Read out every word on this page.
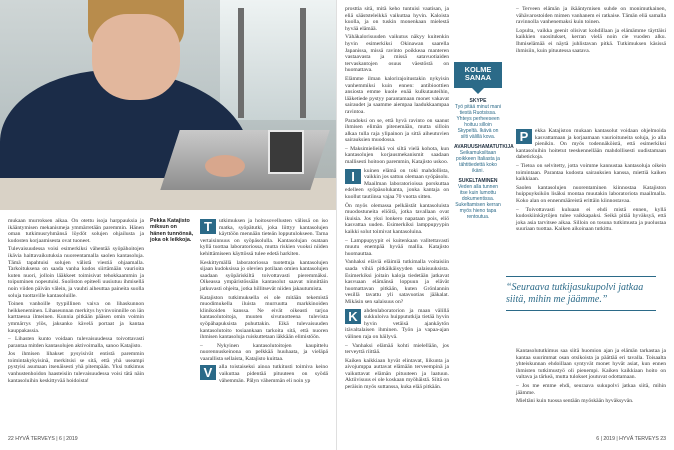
mukaan murroksen aikaa. On otettu isoja harppauksia ja ikääntymisen mekanismeja ymmärretään paremmin. Hänen oman tutkimusryhmänsä löydöt solujen ohjailusta ja kudosten korjaamisesta ovat tuoneet.

Tulevaisuudessa voisi esimerkiksi vähentää syöpähoitojen ikävia haittavaikutuksia nuoreentamalla saolen kantasoluja. Tämä tapahtuisi solujen välistä viestiä ohjaamalla. Tarkoituksena on saada vanha kudos siirtämään vaurioita kuten nuori, jolloin lääkkeet toimisivat tehokkaammin ja toipuminen nopeutuisi. Suoliston epiteeli uusiutuu ihmisellä noin viiden päivän välein, ja vauhti aiheuttaa paineita suolla soluja tuottaville kantasoluille.

Toinen vanhoille tyypillinen vaiva on lihaskunnon heikkeneminen. Lihaseunnan merkitys hyvinvoinnille on iän karttaessa ilmeinen. Kunnia pitkään pääsen omin voimin ymmärrys ylös, jaksanko kävelä portaat ja kantaa kauppakassia.

– Lihasten kunto voidaan tulevaisuudessa toivottavasti parantaa mitden kantasolujen aktivoimalla, sanoo Katajisto.

Jos ihmisen lihakset pysyisivät entistä paremmin toimintakykyisinä, merkitsisi se sitä, että yhä useampi pystyisi asumaan itsenäisesti yhä pitempään. Yksi tutkimus vanhustenhoidon haasteisiin tulevaisuudessa voisi tätä näin kantasoluihin keskittyvää hoidoista!

Pekka Katajisto miksun on hänen tunnönsä, joka ok leikkoja.

T	utkimuksen ja hoitosovellusten välissä on iso matka, syöpätutki, joka liittyy kantasolujen käyttöön mennään tieteän lopputulokseen. Tarna vertaisinnuus on syöpäsolulla. Kantasolujan osataan kyllä tuottaa laboratoriossa, mutta riskien vuoksi niiden kehittämiseen käyttössä tulee edetä harkiten.

Keskittymällä laboratoriossa tuotettuja kantasolujen sijaan kudoksissa jo olevien potilaan omien kantasolujen saadaan syöpäriskiltä toivottavasti pieremmäksi. Oikeassa ympäristössään kantasolut saavat ninnittäin jatkuvasti ohjeita, jotka hillitsevät niiden jakautumista.

Katajiston tutkimuksella ei ole mitään tekemistä muodimukella iluista murruutta markkinoiden klinikoiden kanssa. Ne eivät oikeasti tarjoa kantasolutoitoja, muuten sivutuotteena tulevista syöpähapuksista puhuttakin. Eikä tulevaisuuden kantasolutoito tosiaankaan tarkoita sitä, että nuoren ihmisen kantasoluja ruiskuttetaan iäkkään elimistöön.

– Nykyinen kantasolutoitojen kaupittelu nuorennuskeinona on pelkkää huuhaata, ja vieläpä vaarallista sellaista, Katajisto kuittaa.

V	alla toistaiseksi ainoa tutkitusti toimiva keino vaikuttaa pidentää pituuteen on syödä vähemmän. Pälyn vähemmän eli noin yp

22 HYVÄ TERVEYS | 6 | 2019

prosttia sitä, mitä keho tuntuisi vaatisan, ja eliä sääststeleikkä vaikuttaa hyvin. Kaloista kuolla, ja on tuskin monenkaan mielestä hyvää elämää.

Vähäkalorisuuden vaikutus näkyy kuitenkin hyvin esimerkiksi Okinawan saarella Japanissa, missä ravinto poikkeaa manteren vastaavasta ja missä satavuotiaiden tervaskantojen osuus väestöstä on huomattava.

Elämme ilman kalorirajoitustakin nykyisin vanhemmiksi kuin ennen: antibioottien ansiosta emme kuole enää kulkutauteihin, lääketiede pystyy parantamaan monet vakavat sairaudet ja saamme aiempaa laadukkaampaa ravintoa.

Paradoksi on se, että hyvä ravinto on saanut ihmisen elimän pitenemään, mutta silloin alkaa tulla raja ylipainon ja sittä aiheutuvien sairauksien muodossa.

– Maksimielieikä voi siltä vielä kohota, kun kantasolujen korjausmekanismit saadaan mallisesti hoitoon paremmin, Katajisto uskoo.

I	kuinen elämä on toki mahdollista, vaikkin jos sattuu olemaan syöpäsolu. Maailman laboratorioissa porskuttaa edelleen syöpäsolukanta, jonka kantaja on kuollut tautiinsa vajaa 70 vuotta sitten.

Ön myös olemassa pelkäistät kantasoluista muodostuneita eliöitä, jotka tavallaan ovat ikuisia. Jos yksi lonkero napataan pois, eliö kasvattaa uuden. Esimerkiksi lamppupyypin kaikki solut toimivat kantasoluina.

– Lamppupyypit ei kuitenkaan valitettavasti muutu enempää hyvää mallia. Katajisto huomauttaa.

Vanhaksi eläviä eläimiä tutkimalla voitaisiin saada vihiä pitkäikäisyyden salaisuuksista. Esimerkiksi joitain kaloja tiedetään jatkavat kasvuaan elämänsä loppuun ja elävät huomattavan pitkään, kuten Grönlannin vesillä tavattu yli satavuotias jääkalat. Mikäsin sen salaisuus on?

K	ahdenlaboratorion ja maan välillä sukkuloiva huippututkija tietää hyvin hyvin vetäisä ajankäytön itävaltalaisen ihminen. Työn ja vapaa-ajan välinen raja on häilyvä.

– Vanhaksi elämää kohti mielellään, jos terveyttä riittää.

Kaiken kaikkiaan hyvät elintavat, liikunta ja aivojumppa auttavat elämään terveempinä ja vaikuttavat elämän pituuteen ja laatuun. Aktiivisuus ei ole koskaan myöhäistä. Siitä on peräisin myös suttanssa, kuka elää pitkään.

KOLME SANAA
SKYPE
Työ pitää minut mani tiestä Ruotsissa. Yhteys perheeseen hoituu silloin Skypeltä. Ikävä on silti välillä kova.
AVARUUSHAMATUTKIJA
Seikamuksiltaan poikkeen Italiasta ja tähtitiedettä koko ikäni.
SUKELTAMINEN
Veden alla tunnen itse kuin lumottu dokumentissa. Sukeltamisen kerran myös hieno tapa rentoutua.

– Terveen elämän ja ikääntymisen suhde on monimutkainen, vähävarostoiden mimen vanhanem ei ratkaise. Tämän eliä samalla ravinnolla vanhenemaksi kuin toinen.

Lopulta, vaikka geenit olisivat kohdillaan ja elämämme täyttäisi kaikkien suositukset, kerran vielä noin cie vuoden alku. Ihmiselämää ei näytä juhlistavan pitkä. Tutkimuksen käsissä ihmisiin, kuin pituutessa saatava.

P	ekka Katajiston mukaan kantasolut voidaan ohjelmoida kasvattamaan ja korjaamaan vaurioituneita soluja, jo alla pienikin. On myös todennäköistä, että esimerkiksi kantasoluihin hoitetut teeskennellään mahdollisesti uudistamaan dabetickoja.

– Tietoa on selvitetty, jotta voimme kannustaa kantasoluja oikein toimintaan. Parantaa kudosta sairauksien kanssa, miettiä kaiken kaikkiaan.

Saolen kantasolujen nuorentaminen kiinnostaa Katajiston huippuyksikön lisäksi montaa muutakin laboratoriota maailmalla. Koko alan on ennenmääreistä erittäin kiinnostavaa.

– Toivottavasti kuluaan ei ehdi mistä ennen, kyllä kudoskiinkäytöjen tulee vaikkapaksi. Seikä pitää hyväksyä, että joka asia tarvitsee aikaa. Silloin on tosuna tutkimusta ja puolustaa suuriaan tuottaa. Kaiken aikoinaan tutkittu.

“Seuraava tutkijasukupolvi jatkaa siitä, mihin me jäämme.”

Kantasolututkimus saa siitä huomion ajan ja elämän tarkastaa ja kantaa suurimmat osan otsikoista ja päättää eri tavalla. Toisaalta yhteiskunnan ehdoillaan syntyvät monet hyvät asiat, kun ennen ihmisten tutkimustyö oli pienempi. Kaiken kaikkiaan hoito on valtava ja tärkeä, mutta tulokset joutuvat odottamaan.

– Jos me emme ehdi, seuraava sukupolvi jatkaa siitä, mihin jäämme.

Mieltäni kuin tuossa sentään myöskään hyväksyvän.

6 | 2019 | HYVÄ TERVEYS 23
